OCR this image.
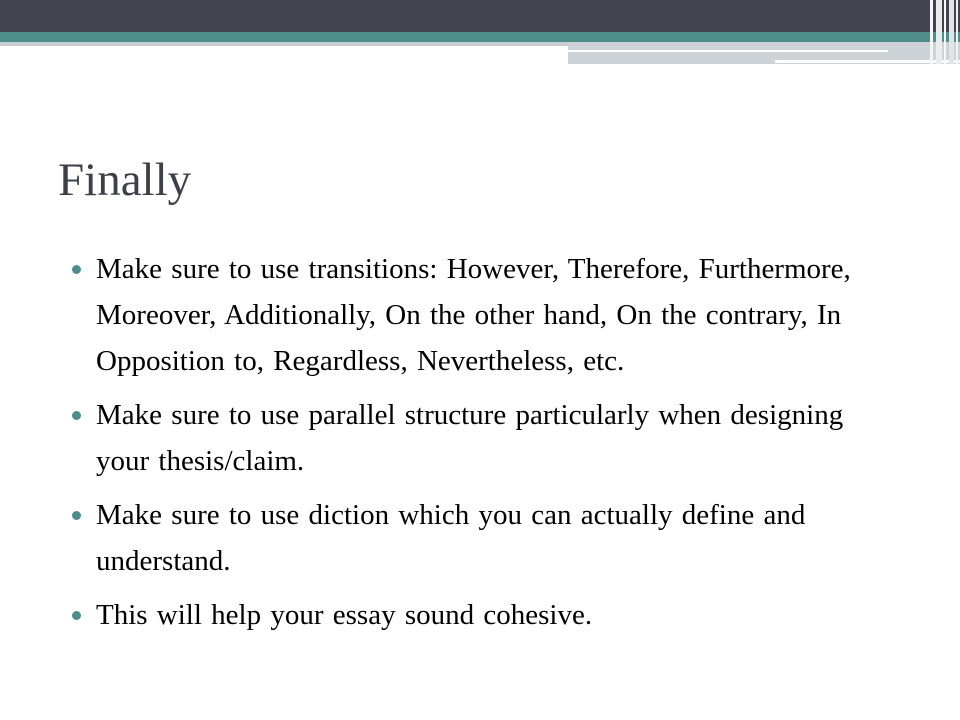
Finally
Make sure to use transitions: However, Therefore, Furthermore, Moreover, Additionally, On the other hand, On the contrary, In Opposition to, Regardless, Nevertheless, etc.
Make sure to use parallel structure particularly when designing your thesis/claim.
Make sure to use diction which you can actually define and understand.
This will help your essay sound cohesive.
